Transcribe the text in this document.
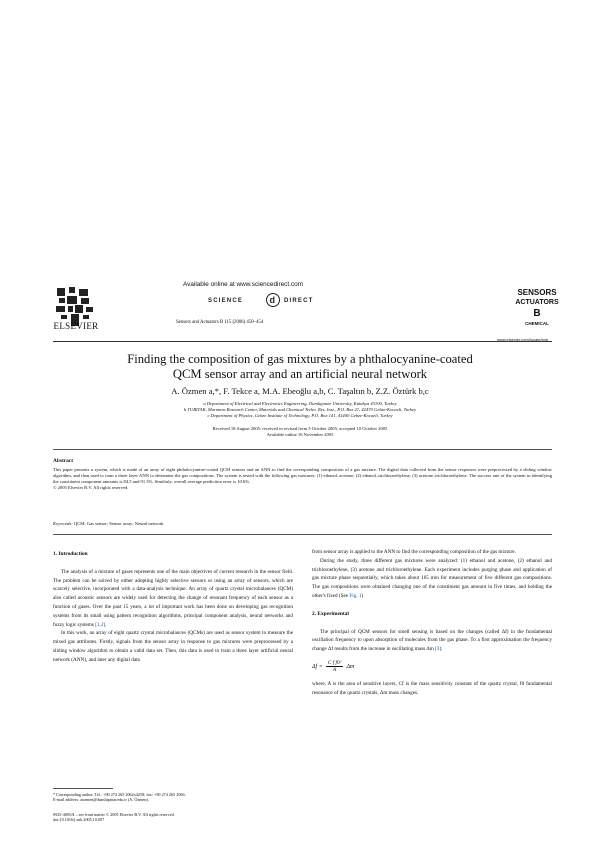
ELSEVIER
Available online at www.sciencedirect.com
SCIENCE	d DIRECT
Sensors and Actuators B 115 (2006) 450–454
SENSORS
ACTUATORS
B
CHEMICAL
www.elsevier.com/locate/snb
Finding the composition of gas mixtures by a phthalocyanine-coated
QCM sensor array and an artificial neural network
A. Özmen a,*, F. Tekce a, M.A. Ebeoğlu a,b, C. Taşaltın b, Z.Z. Öztürk b,c
a Department of Electrical and Electronics Engineering, Dumlupınar University, Kütahya 43100, Turkey
b TUBITAK, Marmara Research Center, Materials and Chemical Techn. Res. Inst., P.O. Box 21, 42470 Gebze-Kocaeli, Turkey
c Department of Physics, Gebze Institute of Technology, P.O. Box 141, 41400 Gebze-Kocaeli, Turkey
Received 18 August 2005; received in revised form 5 October 2005; accepted 10 October 2005
Available online 16 November 2005
Abstract
This paper presents a system, which is made of an array of eight phthalocyanine-coated QCM sensors and an ANN to find the corresponding composition of a gas mixture. The digital data collected from the sensor responses were preprocessed by a sliding window algorithm, and then used to train a three layer ANN to determine the gas compositions. The system is tested with the following gas mixtures: (1) ethanol–acetone, (2) ethanol–trichloroethylene, (3) acetone–trichloroethylene. The success rate of the system in identifying the constituent component amounts is 84.5 and 91.3%. Similarly, overall average prediction error is 10.6%.
© 2005 Elsevier B.V. All rights reserved.
Keywords: QCM; Gas sensor; Sensor array; Neural network
1. Introduction

The analysis of a mixture of gases represents one of the main objectives of current research in the sensor field. The problem can be solved by either adopting highly selective sensors or using an array of sensors, which are scarcely selective, incorporated with a data-analysis technique. An array of quartz crystal microbalances (QCM) also called acoustic sensors are widely used for detecting the change of resonant frequency of each sensor as a function of gases. Over the past 15 years, a lot of important work has been done on developing gas recognition systems from its small using pattern recognition algorithms, principal component analysis, neural networks and fuzzy logic systems [1,2].

In this work, an array of eight quartz crystal microbalances (QCMs) are used as sensor system to measure the mixed gas attributes. Firstly, signals from the sensor array in response to gas mixtures were preprocessed by a sliding window algorithm to obtain a valid data set. Then, this data is used to train a three layer artificial neural network (ANN), and later any digital data

from sensor array is applied to the ANN to find the corresponding composition of the gas mixture.

During the study, three different gas mixtures were analyzed: (1) ethanol and acetone, (2) ethanol and trichloroethylene, (3) acetone and trichloroethylene. Each experiment includes purging phase and application of gas mixture phase sequentially, which takes about 165 min for measurement of five different gas compositions. The gas compositions were obtained changing one of the constituent gas amount in five times, and holding the other's fixed (See Fig. 1)

2. Experimental

The principal of QCM sensors for smell sensing is based on the changes (called Δf) in the fundamental oscillation frequency to upon absorption of molecules from the gas phase. To a first approximation the frequency change Δf results from the increase in oscillating mass Δm [3]:

$\Delta f = \frac{\text{C f f0²}}{A}$ Δm

where, A is the area of sensitive layers, Cf is the mass sensitivity constant of the quartz crystal, f0 fundamental resonance of the quartz crystals, Δm mass changes.

* Corresponding author. Tel.: +90 274 265 2062x4258; fax: +90 274 265 2066.
E-mail address: aozmen@dumlupinar.edu.tr (A. Özmen).
0925-4005/$ – see front matter © 2005 Elsevier B.V. All rights reserved.
doi:10.1016/j.snb.2005.10.007
